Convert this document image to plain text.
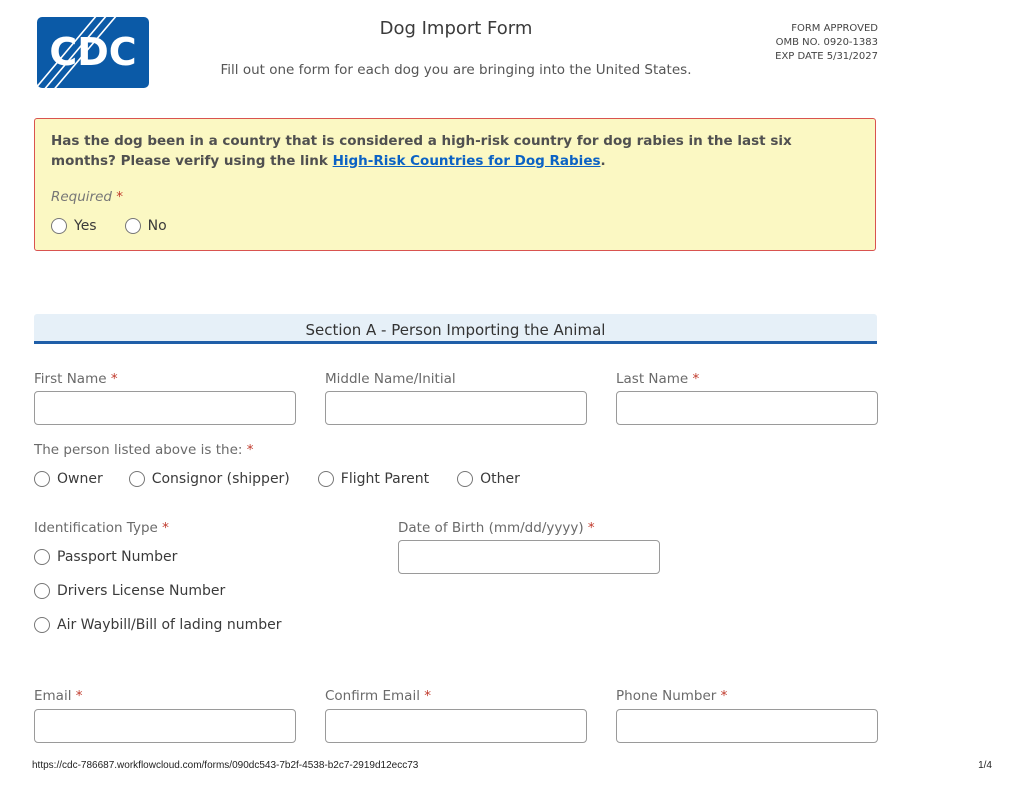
CDC
Dog Import Form
Fill out one form for each dog you are bringing into the United States.
FORM APPROVED
OMB NO. 0920-1383
EXP DATE 5/31/2027
Has the dog been in a country that is considered a high-risk country for dog rabies in the last six months? Please verify using the link High-Risk Countries for Dog Rabies.
Required *
Yes	No
Section A - Person Importing the Animal
First Name *	Middle Name/Initial	Last Name *
The person listed above is the: *
Owner	Consignor (shipper)	Flight Parent	Other
Identification Type *
Passport Number
Drivers License Number
Air Waybill/Bill of lading number
Date of Birth (mm/dd/yyyy) *
Email *	Confirm Email *	Phone Number *
https://cdc-786687.workflowcloud.com/forms/090dc543-7b2f-4538-b2c7-2919d12ecc73	1/4
